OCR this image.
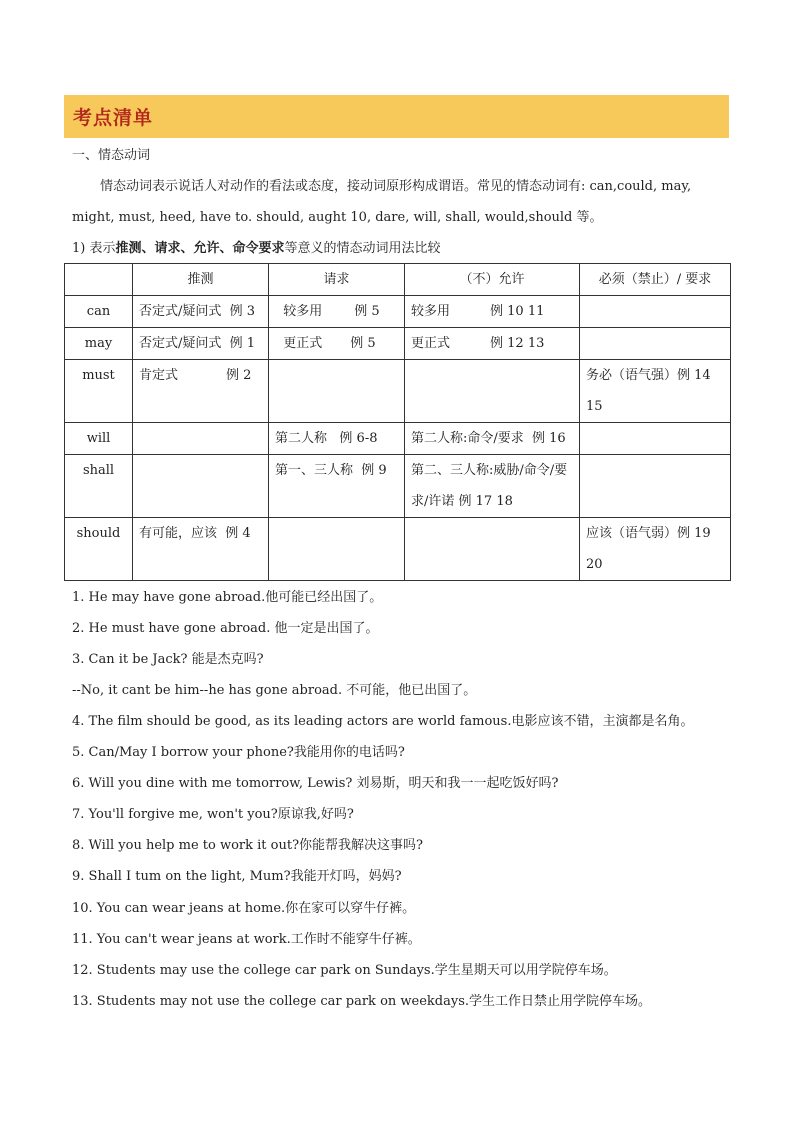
考点清单
一、情态动词
情态动词表示说话人对动作的看法或态度，接动词原形构成谓语。常见的情态动词有: can,could, may,
might, must, heed, have to. should, aught 10, dare, will, shall, would,should 等。
1) 表示推测、请求、允许、命令要求等意义的情态动词用法比较
	推测	请求	（不）允许	必须（禁止）/ 要求
can	否定式/疑问式 例 3	较多用 例 5	较多用 例 10 11	
may	否定式/疑问式 例 1	更正式 例 5	更正式 例 12 13	
must	肯定式 例 2			务必（语气强）例 14
15

will		第二人称 例 6-8	第二人称:命令/要求 例 16	
shall		第一、三人称 例 9	第二、三人称:威胁/命令/要
求/许诺 例 17 18	

should	有可能，应该 例 4			应该（语气弱）例 19
20
1. He may have gone abroad.他可能已经出国了。
2. He must have gone abroad. 他一定是出国了。
3. Can it be Jack? 能是杰克吗?
--No, it cant be him--he has gone abroad. 不可能，他已出国了。
4. The film should be good, as its leading actors are world famous.电影应该不错，主演都是名角。
5. Can/May I borrow your phone?我能用你的电话吗?
6. Will you dine with me tomorrow, Lewis? 刘易斯，明天和我一一起吃饭好吗?
7. You'll forgive me, won't you?原谅我,好吗?
8. Will you help me to work it out?你能帮我解决这事吗?
9. Shall I tum on the light, Mum?我能开灯吗，妈妈?
10. You can wear jeans at home.你在家可以穿牛仔裤。
11. You can't wear jeans at work.工作时不能穿牛仔裤。
12. Students may use the college car park on Sundays.学生星期天可以用学院停车场。
13. Students may not use the college car park on weekdays.学生工作日禁止用学院停车场。
